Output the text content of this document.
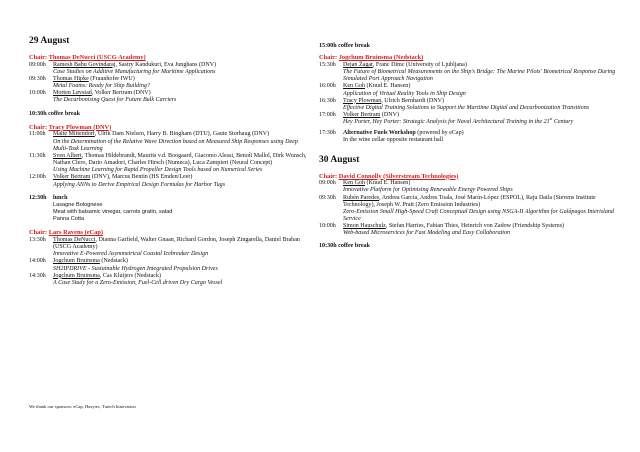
29 August
Chair: Thomas DeNucci (USCG Academy)
09:00h	Ramesh Babu Govindaraj, Sastry Kandukuri, Eva Junghans (DNV)
Case Studies on Additive Manufacturing for Maritime Applications
09:30h	Thomas Hipke (Fraunhofer IWU)
Metal Foams: Ready for Ship Building?
10:00h	Morten Løvstad, Volker Bertram (DNV)
The Decarbonising Quest for Future Bulk Carriers
10:30h coffee break
Chair: Tracy Plowman (DNV)
11:00h	Malte Mittendorf, Ulrik Dam Nielsen, Harry B. Bingham (DTU), Gaute Storhaug (DNV)
On the Determination of the Relative Wave Direction based on Measured Ship Responses using Deep Multi-Task Learning
11:30h	Sven Albert, Thomas Hildebrandt, Maurits v.d. Boogaard, Giacomo Alessi, Benoît Mallol, Dirk Wunsch, Nathan Clero, Dario Amadori, Charles Hirsch (Numeca), Luca Zampieri (Neural Concept)
Using Machine Learning for Rapid Propeller Design Tools based on Numerical Series
12:00h	Volker Bertram (DNV), Marcus Bentin (HS Emden/Leer)
Applying ANNs to Derive Empirical Design Formulas for Harbor Tugs
12:30h	lunch
Lasagne Bolognese
Meat with balsamic vinegar, carrots gratin, salad
Panna Cotta
Chair: Lars Ravens (eCap)
13:30h	Thomas DeNucci, Dianna Garfield, Walter Gnaan, Richard Gordon, Joseph Zingarella, Daniel Brahan (USCG Academy)
Innovative E-Powered Asymmetrical Coastal Icebreaker Design
14:00h	Jogchum Bruinsma (Nedstack)
SH2IPDRIVE - Sustainable Hydrogen Integrated Propulsion Drives
14:30h	Jogchum Bruinsma, Cas Kluijers (Nedstack)
A Case Study for a Zero-Emission, Fuel-Cell driven Dry Cargo Vessel
15:00h coffee break
Chair: Jogchum Bruinsma (Nedstack)
15:30h	Dejan Žagar, Franc Dimc (University of Ljubljana)
The Future of Biometrical Measurements on the Ship's Bridge: The Marine Pilots' Biometrical Response During Simulated Port Approach Navigation
16:00h	Ken Goh (Knud E. Hansen)
Application of Virtual Reality Tools in Ship Design
16:30h	Tracy Plowman, Ulrich Bernhardt (DNV)
Effective Digital Training Solutions to Support the Maritime Digital and Decarbonization Transitions
17:00h	Volker Bertram (DNV)
Hey Porter, Hey Porter: Strategic Analysis for Naval Architectural Training in the 21st Century
17:30h	Alternative Fuels Workshop (powered by eCap)
In the wine cellar opposite restaurant hall
30 August
Chair: David Connolly (Silverstream Technologies)
09:00h	Ken Goh (Knud E. Hansen)
Innovative Platform for Optimising Renewable Energy Powered Ships
09:30h	Rubén Paredes, Andrea Garcia, Andres Toala, José Marín-López (ESPOL), Raju Datla (Stevens Institute Technology), Joseph W. Pratt (Zero Emission Industries)
Zero-Emission Small High-Speed Craft Conceptual Design using NSGA-II Algorithm for Galápagos Interisland Service
10:00h	Simon Hauschulz, Stefan Harries, Fabian Thies, Heinrich von Zadow (Friendship Systems)
Web-based Microservices for Fast Modeling and Easy Collaboration
10:30h coffee break
We thank our sponsors: eCap, Hasytec, Tutech Innovation
